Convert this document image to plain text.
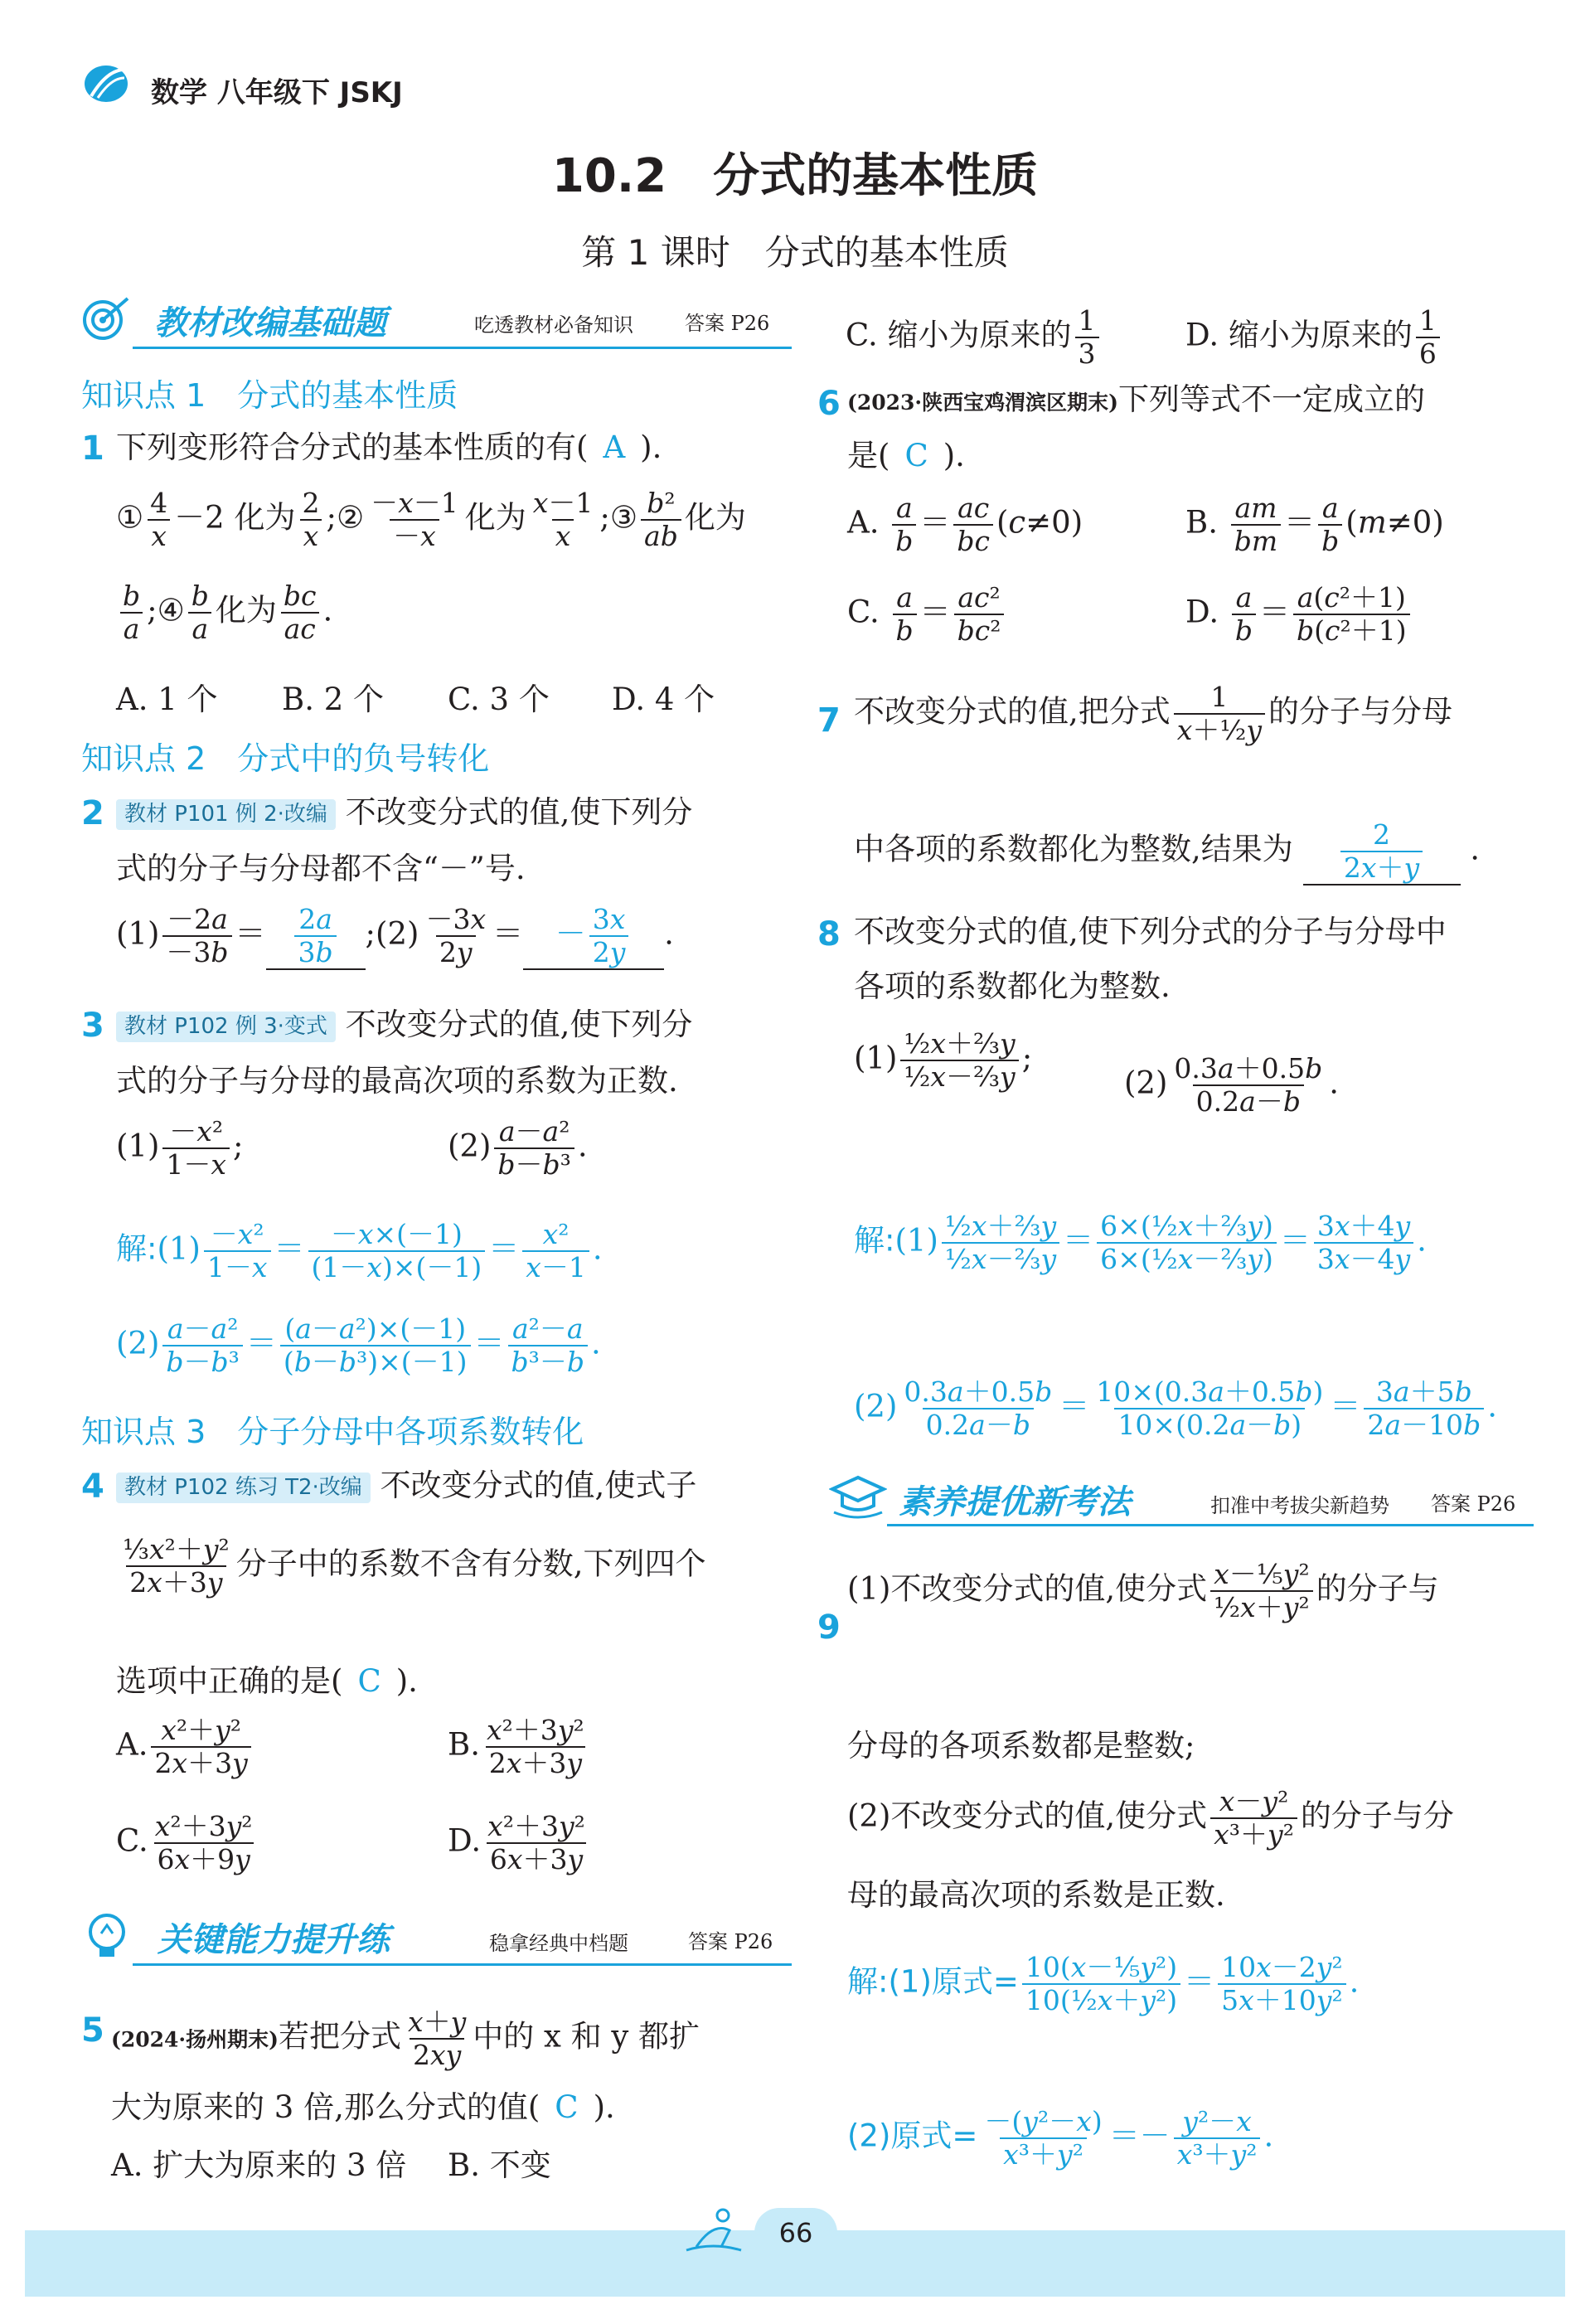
数学 八年级下 JSKJ
10.2　分式的基本性质
第 1 课时　分式的基本性质
教材改编基础题	吃透教材必备知识	答案 P26
知识点 1　分式的基本性质
1 下列变形符合分式的基本性质的有( A ).
① $\frac{4}{x} -2$ 化为 $\frac{2}{x}$ ;② $\frac{-x-1}{-x}$ 化为 $\frac{x-1}{x}$ ;③ $\frac{\text{b²}}{ab}$ 化为
$\frac{b}{a}$ ;④ $\frac{b}{a}$ 化为 $\frac{bc}{ac}$ .
A. 1 个 B. 2 个 C. 3 个 D. 4 个
知识点 2　分式中的负号转化
2 教材 P101 例 2·改编 不改变分式的值,使下列分
式的分子与分母都不含“－”号.
$(1) \frac{-2a}{-3b} = \frac{2a}{3b}$ ;(2) $\frac{-3x}{2y}$ ＝ － $\frac{3x}{2y}$ .
3 教材 P102 例 3·变式 不改变分式的值,使下列分
式的分子与分母的最高次项的系数为正数.
$(1) \frac{\text{－x²}}{1-x}$ ;	$(2) \frac{\text{a－a²}}{\text{b－b³}}$ .
解:(1) $\frac{\text{－x²}}{1-x} = \frac{-x\times(-1)}{(1-x)\times(-1)} = \frac{\text{x²}}{x-1}$ .
$(2) \frac{\text{a－a²}}{\text{b－b³}} = \frac{\text{(a－a²)×(－1)}}{\text{(b－b³)×(－1)}} = \frac{\text{a²－a}}{\text{b³－b}}$ .
知识点 3　分子分母中各项系数转化
4 教材 P102 练习 T2·改编 不改变分式的值,使式子
$\frac{\text{⅓x²＋y²}}{2x+3y}$ 分子中的系数不含有分数,下列四个
选项中正确的是( C ).
A. $\frac{\text{x²＋y²}}{2x+3y}$	B. $\frac{\text{x²＋3y²}}{2x+3y}$
C. $\frac{\text{x²＋3y²}}{6x+9y}$	D. $\frac{\text{x²＋3y²}}{6x+3y}$
关键能力提升练	稳拿经典中档题	答案 P26
5 (2024·扬州期末)若把分式 $\frac{x+y}{2xy}$ 中的 x 和 y 都扩
大为原来的 3 倍,那么分式的值( C ).
A. 扩大为原来的 3 倍 B. 不变
C. 缩小为原来的 $\frac{1}{3}$	D. 缩小为原来的 $\frac{1}{6}$
6 (2023·陕西宝鸡渭滨区期末)下列等式不一定成立的
是( C ).
A. $\frac{a}{b} = \frac{ac}{bc} (c\ne 0)$	B. $\frac{am}{bm} = \frac{a}{b} (m\ne 0)$
C. $\frac{a}{b} = \frac{\text{ac²}}{\text{bc²}}$	D. $\frac{a}{b} = \frac{\text{a(c²＋1)}}{\text{b(c²＋1)}}$
7 不改变分式的值,把分式 $\frac{1}{\text{x＋½y}}$ 的分子与分母
中各项的系数都化为整数,结果为 $\frac{2}{2x+y}$ .
8 不改变分式的值,使下列分式的分子与分母中
各项的系数都化为整数.
$(1) \frac{\text{½x＋⅔y}}{\text{½x－⅔y}}$ ;
$(2) \frac{0.3a+0.5b}{0.2a-b}$ .
解:(1) $\frac{\text{½x＋⅔y}}{\text{½x－⅔y}} = \frac{\text{6×(½x＋⅔y)}}{\text{6×(½x－⅔y)}} = \frac{3x+4y}{3x-4y}$ .
$(2) \frac{0.3a+0.5b}{0.2a-b} = \frac{10\times(0.3a+0.5b)}{10\times(0.2a-b)} = \frac{3a+5b}{2a-10b}$ .
素养提优新考法	扣准中考拔尖新趋势 答案 P26
9
(1)不改变分式的值,使分式 $\frac{\text{x－⅕y²}}{\text{½x＋y²}}$ 的分子与
分母的各项系数都是整数;
(2)不改变分式的值,使分式 $\frac{\text{x－y²}}{\text{x³＋y²}}$ 的分子与分
母的最高次项的系数是正数.
解:(1)原式= $\frac{\text{10(x－⅕y²)}}{\text{10(½x＋y²)}} = \frac{\text{10x－2y²}}{\text{5x＋10y²}}$ .
(2)原式= $\frac{\text{－(y²－x)}}{\text{x³＋y²}} =- \frac{\text{y²－x}}{\text{x³＋y²}}$ .
66
